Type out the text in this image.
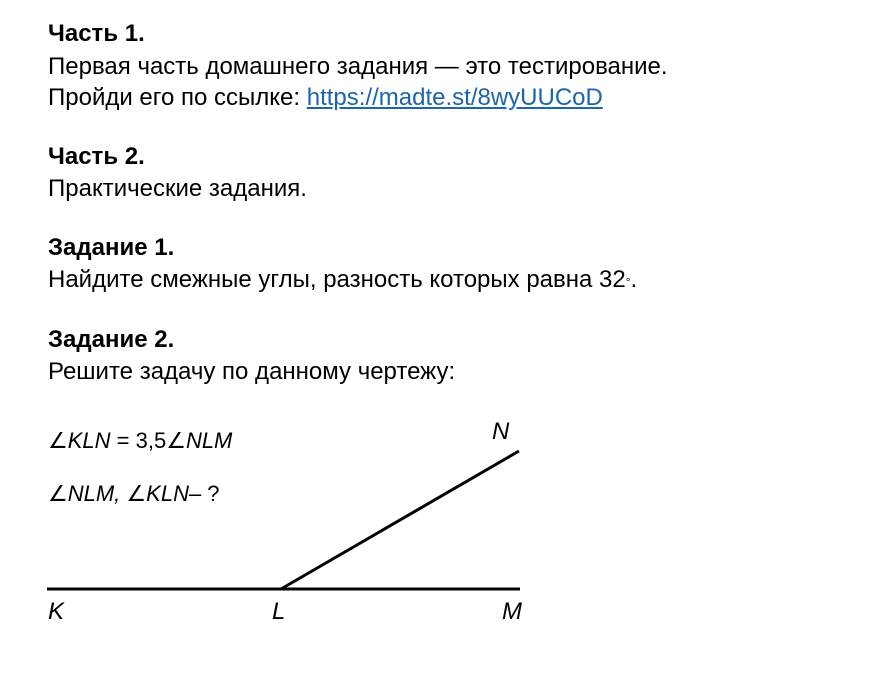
Часть 1.
Первая часть домашнего задания — это тестирование.
Пройди его по ссылке: https://madte.st/8wyUUCoD
Часть 2.
Практические задания.
Задание 1.
Найдите смежные углы, разность которых равна 32°.
Задание 2.
Решите задачу по данному чертежу:
∠KLN = 3,5∠NLM
∠NLM, ∠KLN– ?
K	L	M
N
